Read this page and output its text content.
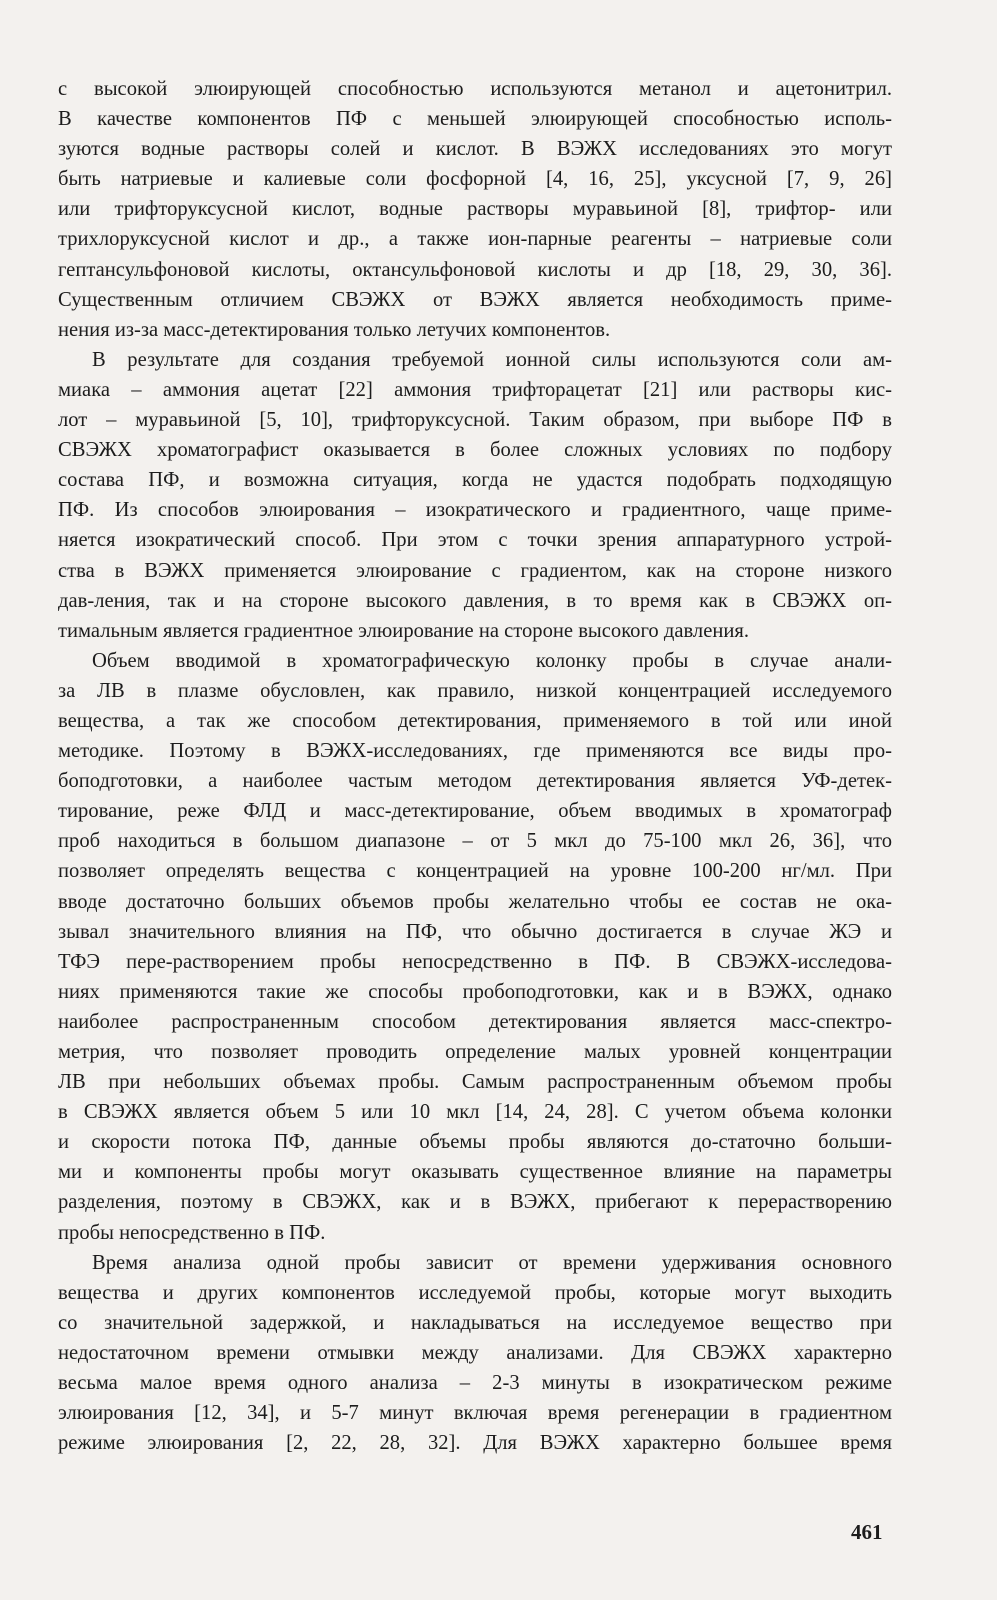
с высокой элюирующей способностью используются метанол и ацетонитрил.
В качестве компонентов ПФ с меньшей элюирующей способностью исполь-
зуются водные растворы солей и кислот. В ВЭЖХ исследованиях это могут
быть натриевые и калиевые соли фосфорной [4, 16, 25], уксусной [7, 9, 26]
или трифторуксусной кислот, водные растворы муравьиной [8], трифтор- или
трихлоруксусной кислот и др., а также ион-парные реагенты – натриевые соли
гептансульфоновой кислоты, октансульфоновой кислоты и др [18, 29, 30, 36].
Существенным отличием СВЭЖХ от ВЭЖХ является необходимость приме-
нения из-за масс-детектирования только летучих компонентов.
В результате для создания требуемой ионной силы используются соли ам-
миака – аммония ацетат [22] аммония трифторацетат [21] или растворы кис-
лот – муравьиной [5, 10], трифторуксусной. Таким образом, при выборе ПФ в
СВЭЖХ хроматографист оказывается в более сложных условиях по подбору
состава ПФ, и возможна ситуация, когда не удастся подобрать подходящую
ПФ. Из способов элюирования – изократического и градиентного, чаще приме-
няется изократический способ. При этом с точки зрения аппаратурного устрой-
ства в ВЭЖХ применяется элюирование с градиентом, как на стороне низкого
дав-ления, так и на стороне высокого давления, в то время как в СВЭЖХ оп-
тимальным является градиентное элюирование на стороне высокого давления.
Объем вводимой в хроматографическую колонку пробы в случае анали-
за ЛВ в плазме обусловлен, как правило, низкой концентрацией исследуемого
вещества, а так же способом детектирования, применяемого в той или иной
методике. Поэтому в ВЭЖХ-исследованиях, где применяются все виды про-
боподготовки, а наиболее частым методом детектирования является УФ-детек-
тирование, реже ФЛД и масс-детектирование, объем вводимых в хроматограф
проб находиться в большом диапазоне – от 5 мкл до 75-100 мкл 26, 36], что
позволяет определять вещества с концентрацией на уровне 100-200 нг/мл. При
вводе достаточно больших объемов пробы желательно чтобы ее состав не ока-
зывал значительного влияния на ПФ, что обычно достигается в случае ЖЭ и
ТФЭ пере-растворением пробы непосредственно в ПФ. В СВЭЖХ-исследова-
ниях применяются такие же способы пробоподготовки, как и в ВЭЖХ, однако
наиболее распространенным способом детектирования является масс-спектро-
метрия, что позволяет проводить определение малых уровней концентрации
ЛВ при небольших объемах пробы. Самым распространенным объемом пробы
в СВЭЖХ является объем 5 или 10 мкл [14, 24, 28]. С учетом объема колонки
и скорости потока ПФ, данные объемы пробы являются до-статочно больши-
ми и компоненты пробы могут оказывать существенное влияние на параметры
разделения, поэтому в СВЭЖХ, как и в ВЭЖХ, прибегают к перерастворению
пробы непосредственно в ПФ.
Время анализа одной пробы зависит от времени удерживания основного
вещества и других компонентов исследуемой пробы, которые могут выходить
со значительной задержкой, и накладываться на исследуемое вещество при
недостаточном времени отмывки между анализами. Для СВЭЖХ характерно
весьма малое время одного анализа – 2-3 минуты в изократическом режиме
элюирования [12, 34], и 5-7 минут включая время регенерации в градиентном
режиме элюирования [2, 22, 28, 32]. Для ВЭЖХ характерно большее время
461
